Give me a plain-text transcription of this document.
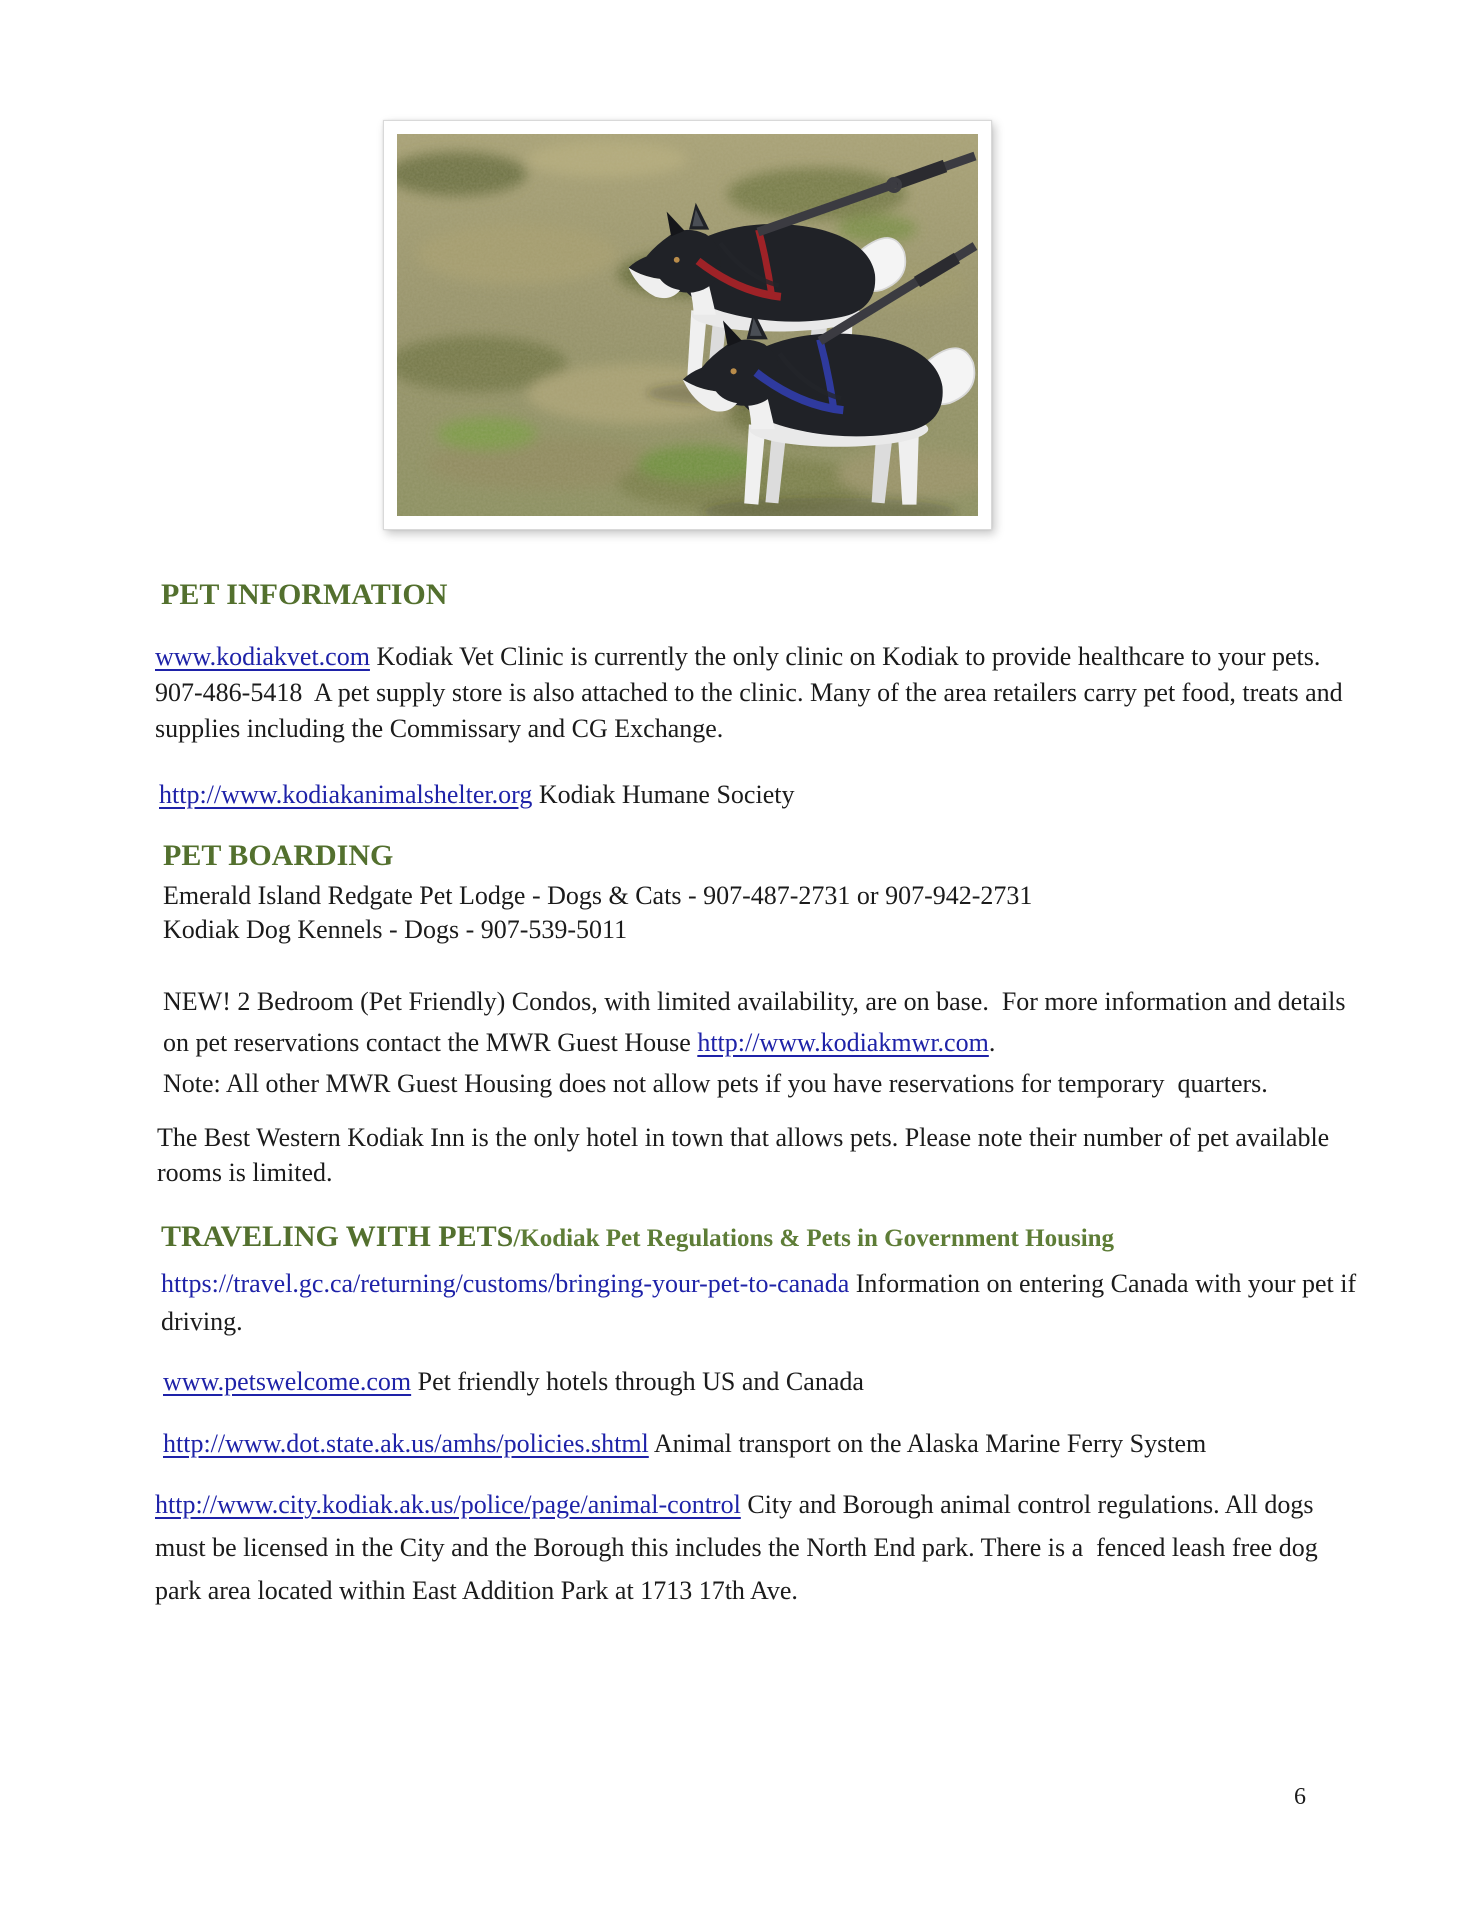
PET INFORMATION

www.kodiakvet.com Kodiak Vet Clinic is currently the only clinic on Kodiak to provide healthcare to your pets. 907-486-5418  A pet supply store is also attached to the clinic. Many of the area retailers carry pet food, treats and supplies including the Commissary and CG Exchange.

http://www.kodiakanimalshelter.org Kodiak Humane Society

PET BOARDING

Emerald Island Redgate Pet Lodge - Dogs & Cats - 907-487-2731 or 907-942-2731

Kodiak Dog Kennels - Dogs - 907-539-5011

NEW! 2 Bedroom (Pet Friendly) Condos, with limited availability, are on base.  For more information and details on pet reservations contact the MWR Guest House http://www.kodiakmwr.com.

Note: All other MWR Guest Housing does not allow pets if you have reservations for temporary  quarters.

The Best Western Kodiak Inn is the only hotel in town that allows pets. Please note their number of pet available rooms is limited.

TRAVELING WITH PETS/Kodiak Pet Regulations & Pets in Government Housing

https://travel.gc.ca/returning/customs/bringing-your-pet-to-canada Information on entering Canada with your pet if driving.

www.petswelcome.com Pet friendly hotels through US and Canada

http://www.dot.state.ak.us/amhs/policies.shtml Animal transport on the Alaska Marine Ferry System

http://www.city.kodiak.ak.us/police/page/animal-control City and Borough animal control regulations. All dogs must be licensed in the City and the Borough this includes the North End park. There is a  fenced leash free dog park area located within East Addition Park at 1713 17th Ave.

6
